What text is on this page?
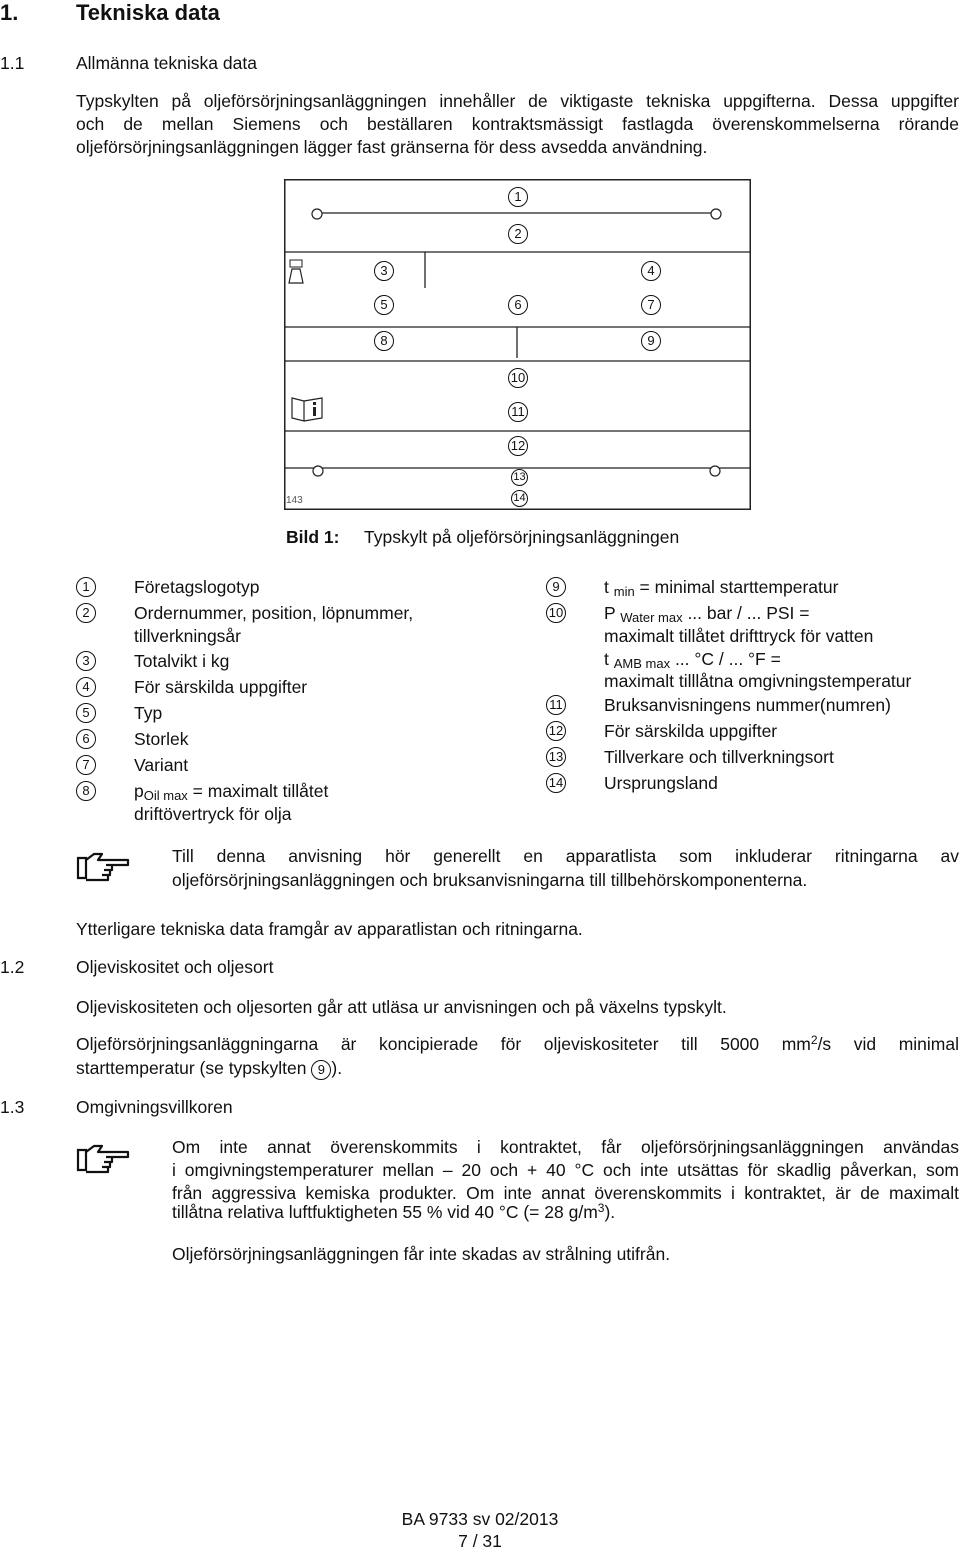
1.	Tekniska data
1.1	Allmänna tekniska data
Typskylten på oljeförsörjningsanläggningen innehåller de viktigaste tekniska uppgifterna. Dessa uppgifter
och de mellan Siemens och beställaren kontraktsmässigt fastlagda överenskommelserna rörande
oljeförsörjningsanläggningen lägger fast gränserna för dess avsedda användning.
143
1
2
3	4
5	6	7
8	9
10
11
12
13
14
Bild 1: Typskylt på oljeförsörjningsanläggningen
1	Företagslogotyp
2	Ordernummer, position, löpnummer,
tillverkningsår
3	Totalvikt i kg
4	För särskilda uppgifter
5	Typ
6	Storlek
7	Variant
8	$p_{Oil max}$ = maximalt tillåtet
driftövertryck för olja
9	t $_{min}$ = minimal starttemperatur
10 P $_{Water max}$ ... bar / ... PSI =
maximalt tillåtet drifttryck för vatten
t $_{AMB max}$ ... °C / ... °F =
maximalt tilllåtna omgivningstemperatur
11 Bruksanvisningens nummer(numren)
12 För särskilda uppgifter
13 Tillverkare och tillverkningsort
14 Ursprungsland
Till denna anvisning hör generellt en apparatlista som inkluderar ritningarna av
oljeförsörjningsanläggningen och bruksanvisningarna till tillbehörskomponenterna.
Ytterligare tekniska data framgår av apparatlistan och ritningarna.
1.2	Oljeviskositet och oljesort
Oljeviskositeten och oljesorten går att utläsa ur anvisningen och på växelns typskylt.
Oljeförsörjningsanläggningarna är koncipierade för oljeviskositeter till 5000 $mm^2/s$ vid minimal
starttemperatur (se typskylten 9 ).
1.3	Omgivningsvillkoren
Om inte annat överenskommits i kontraktet, får oljeförsörjningsanläggningen användas
i omgivningstemperaturer mellan – 20 och + 40 °C och inte utsättas för skadlig påverkan, som
från aggressiva kemiska produkter. Om inte annat överenskommits i kontraktet, är de maximalt
tillåtna relativa luftfuktigheten 55 % vid 40 °C (= 28 $g/m^3$).
Oljeförsörjningsanläggningen får inte skadas av strålning utifrån.
BA 9733 sv 02/2013
7 / 31
